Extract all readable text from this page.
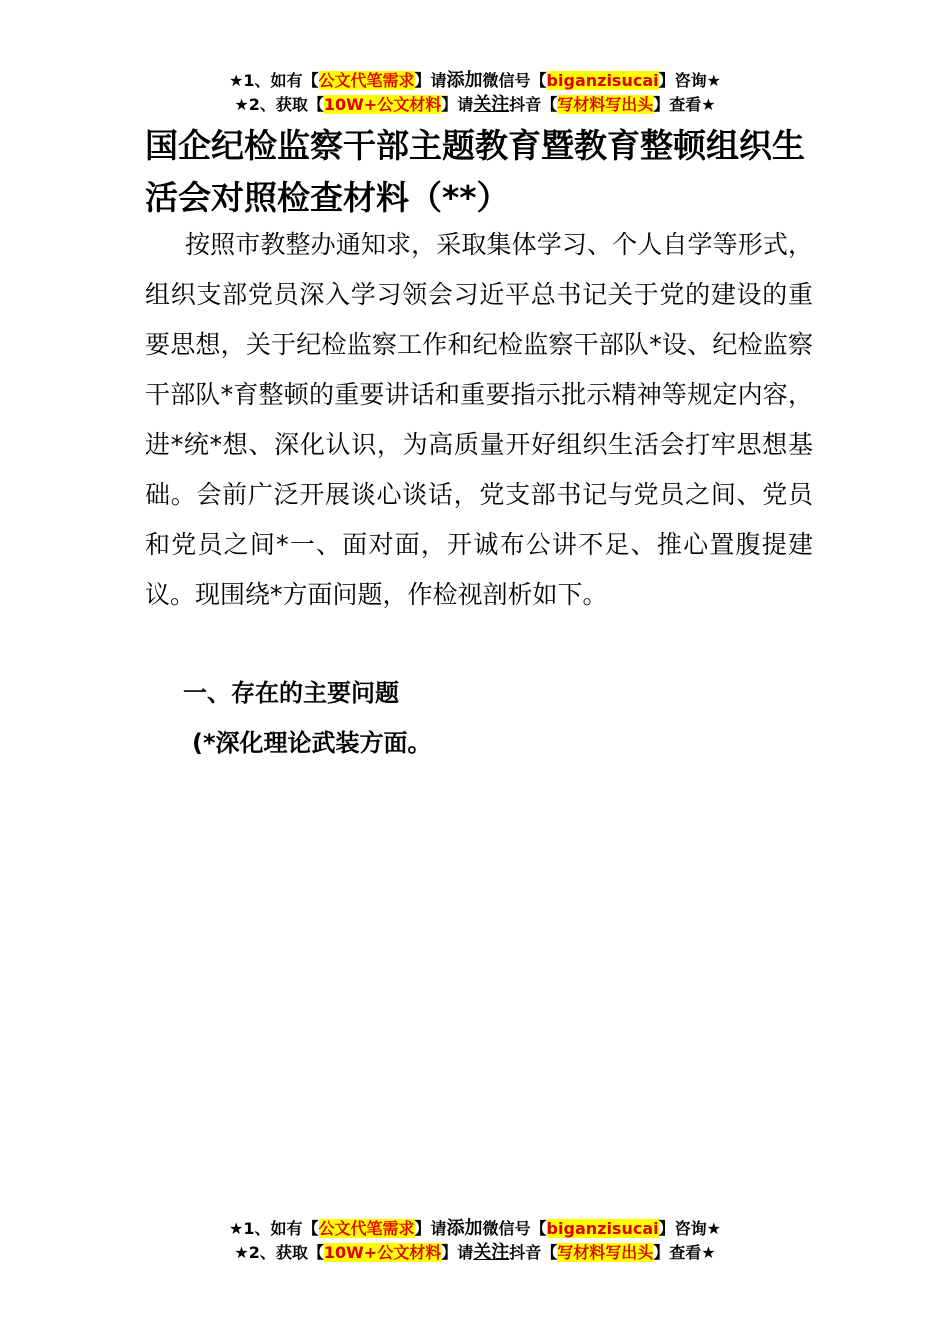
★1、如有【公文代笔需求】请添加微信号【biganzisucai】咨询★
★2、获取【10W+公文材料】请关注抖音【写材料写出头】查看★
国企纪检监察干部主题教育暨教育整顿组织生活会对照检查材料（**）

按照市教整办通知求，采取集体学习、个人自学等形式，组织支部党员深入学习领会习近平总书记关于党的建设的重要思想，关于纪检监察工作和纪检监察干部队*设、纪检监察干部队*育整顿的重要讲话和重要指示批示精神等规定内容，进*统*想、深化认识，为高质量开好组织生活会打牢思想基础。会前广泛开展谈心谈话，党支部书记与党员之间、党员和党员之间*一、面对面，开诚布公讲不足、推心置腹提建议。现围绕*方面问题，作检视剖析如下。

一、存在的主要问题

(*深化理论武装方面。

★1、如有【公文代笔需求】请添加微信号【biganzisucai】咨询★
★2、获取【10W+公文材料】请关注抖音【写材料写出头】查看★
